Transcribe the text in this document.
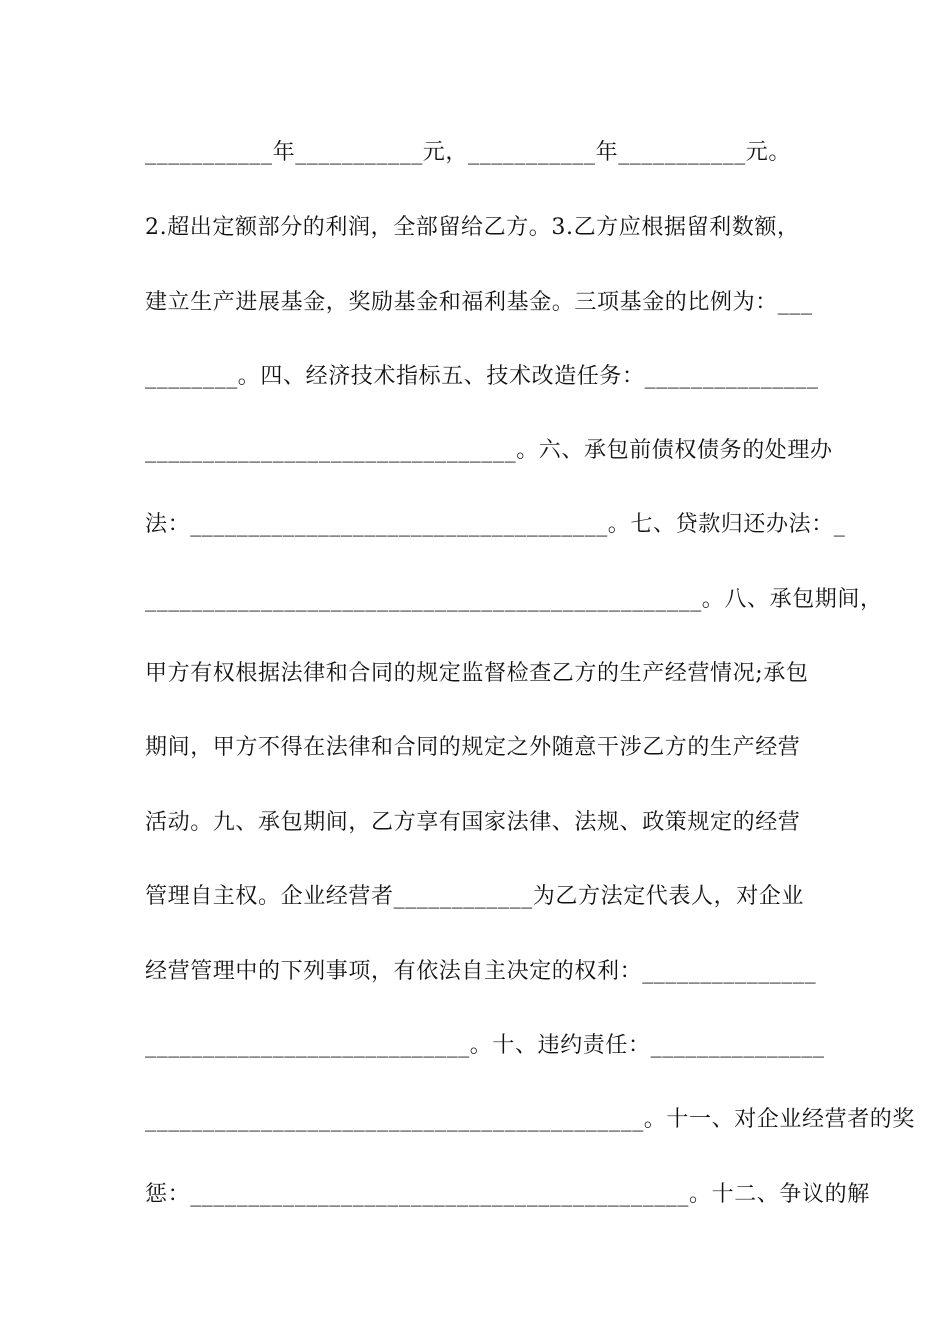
___________年___________元，___________年___________元。
2.超出定额部分的利润，全部留给乙方。3.乙方应根据留利数额，
建立生产进展基金，奖励基金和福利基金。三项基金的比例为：___
________。四、经济技术指标五、技术改造任务：_______________
________________________________。六、承包前债权债务的处理办
法：____________________________________。七、贷款归还办法：_
________________________________________________。八、承包期间，
甲方有权根据法律和合同的规定监督检查乙方的生产经营情况;承包
期间，甲方不得在法律和合同的规定之外随意干涉乙方的生产经营
活动。九、承包期间，乙方享有国家法律、法规、政策规定的经营
管理自主权。企业经营者____________为乙方法定代表人，对企业
经营管理中的下列事项，有依法自主决定的权利：_______________
____________________________。十、违约责任：_______________
___________________________________________。十一、对企业经营者的奖
惩：___________________________________________。十二、争议的解
